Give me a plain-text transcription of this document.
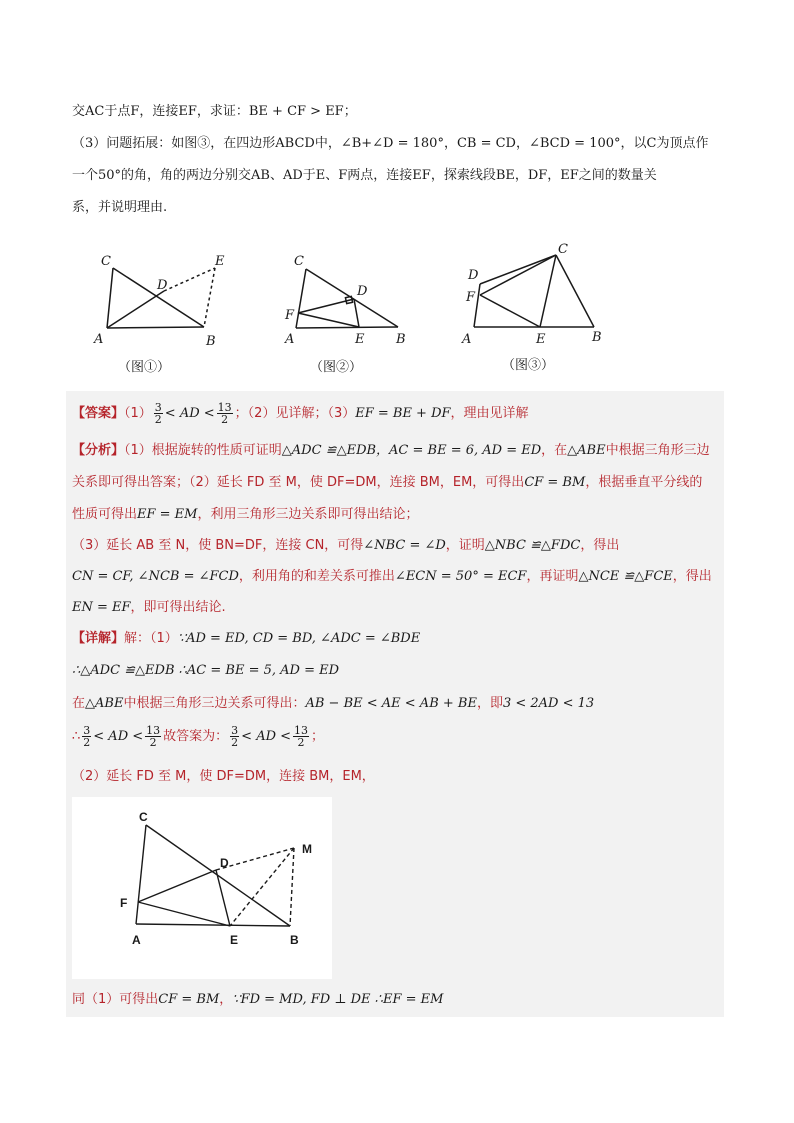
交AC于点F，连接EF，求证：BE + CF > EF；
（3）问题拓展：如图③，在四边形ABCD中，∠B+∠D = 180°，CB = CD，∠BCD = 100°，以C为顶点作
一个50°的角，角的两边分别交AB、AD于E、F两点，连接EF，探索线段BE，DF，EF之间的数量关
系，并说明理由.
C
D
E
A	B
（图①）
C
D
F
A	E B
（图②）
C
D
F
A	E	B
（图③）
【答案】$(1) \frac{3}{2}$ < AD < $\frac{13}{2}$ ；（2）见详解；（3）EF = BE + DF，理由见详解
【分析】（1）根据旋转的性质可证明△ADC ≌△EDB，AC = BE = 6, AD = ED，在△ABE中根据三角形三边
关系即可得出答案；（2）延长 FD 至 M，使 DF=DM，连接 BM，EM，可得出CF = BM，根据垂直平分线的
性质可得出EF = EM，利用三角形三边关系即可得出结论；
（3）延长 AB 至 N，使 BN=DF，连接 CN，可得∠NBC = ∠D，证明△NBC ≌△FDC，得出
CN = CF, ∠NCB = ∠FCD，利用角的和差关系可推出∠ECN = 50° = ECF，再证明△NCE ≌△FCE，得出
EN = EF，即可得出结论.
【详解】解：（1）∵AD = ED, CD = BD, ∠ADC = ∠BDE
∴△ADC ≌△EDB ∴AC = BE = 5, AD = ED
在△ABE中根据三角形三边关系可得出：AB − BE < AE < AB + BE，即3 < 2AD < 13
∴ $\frac{3}{2}$ < AD < $\frac{13}{2}$ 故答案为： $\frac{3}{2}$ < AD < $\frac{13}{2}$ ；
（2）延长 FD 至 M，使 DF=DM，连接 BM，EM，
C
D
M
F
A	E	B
同（1）可得出CF = BM，∵FD = MD, FD ⊥ DE ∴EF = EM
